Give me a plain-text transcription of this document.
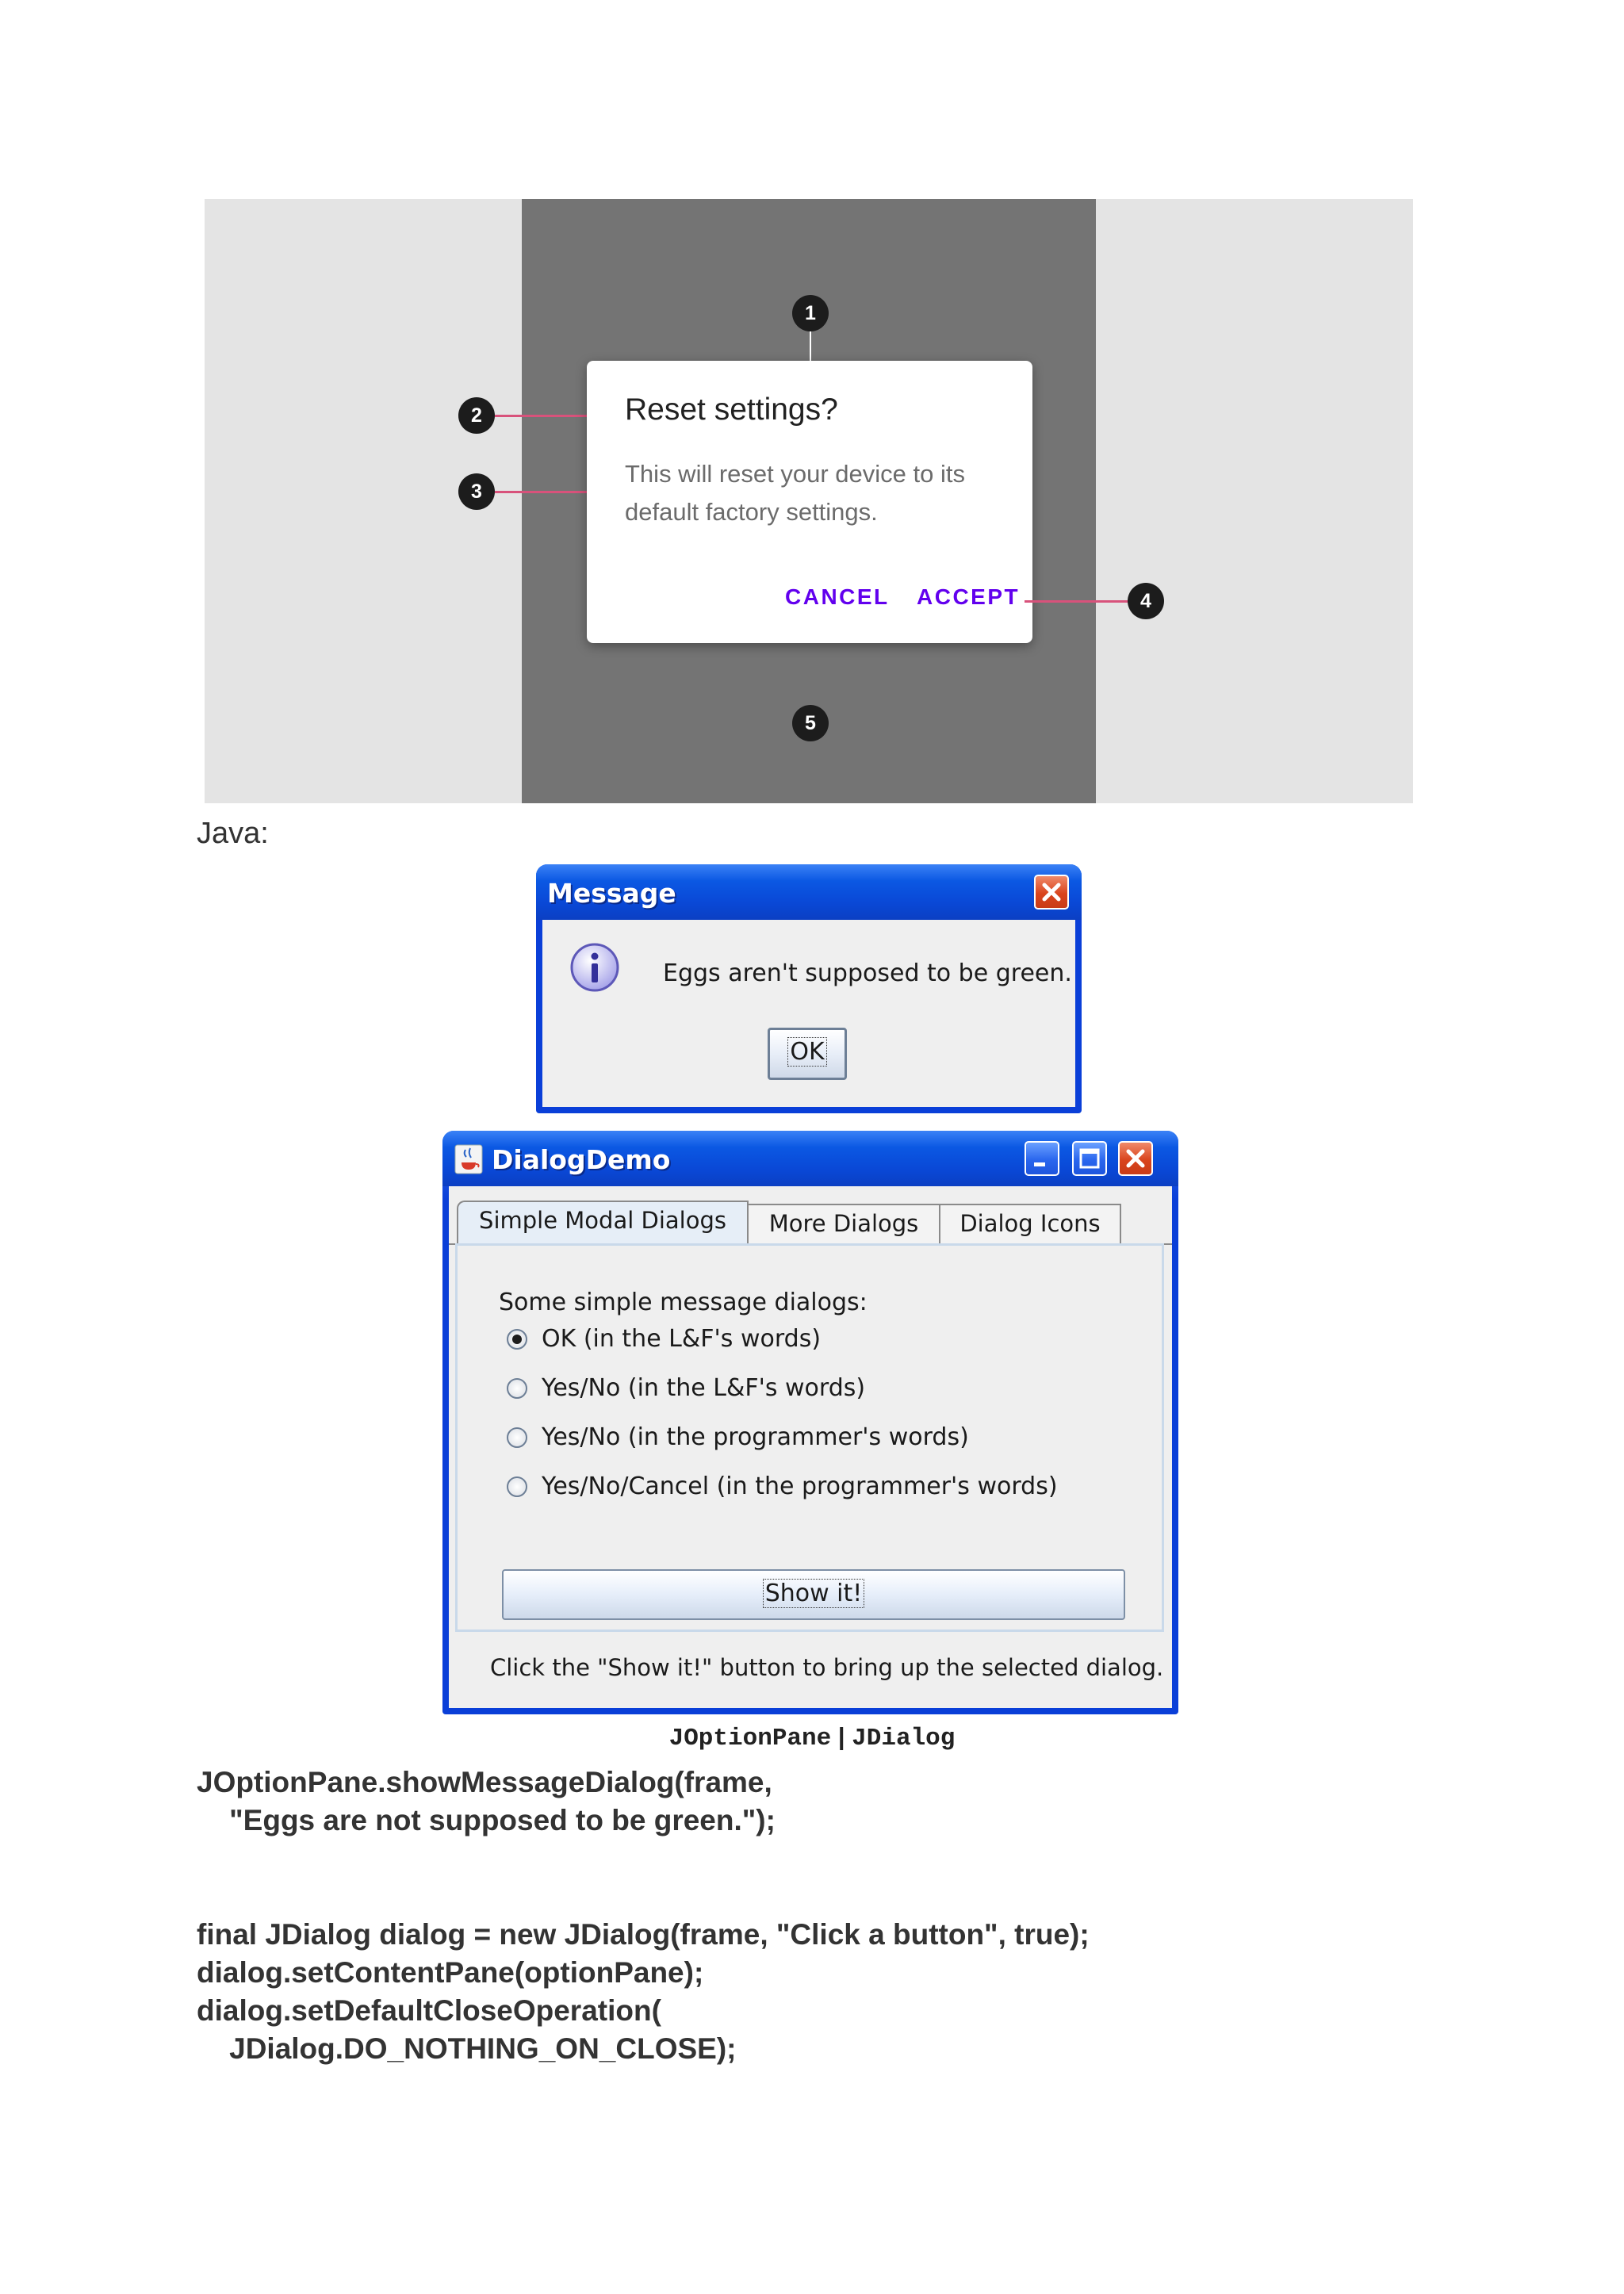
1
2
3
Reset settings?
This will reset your device to its default factory settings.
CANCEL ACCEPT	4
5
Java:
Message
Eggs aren't supposed to be green.
OK
DialogDemo
Simple Modal Dialogs	More Dialogs	Dialog Icons
Some simple message dialogs:
OK (in the L&F's words)
Yes/No (in the L&F's words)
Yes/No (in the programmer's words)
Yes/No/Cancel (in the programmer's words)
Show it!
Click the "Show it!" button to bring up the selected dialog.
JOptionPane | JDialog
JOptionPane.showMessageDialog(frame,
"Eggs are not supposed to be green.");
final JDialog dialog = new JDialog(frame, "Click a button", true);
dialog.setContentPane(optionPane);
dialog.setDefaultCloseOperation(
JDialog.DO_NOTHING_ON_CLOSE);
